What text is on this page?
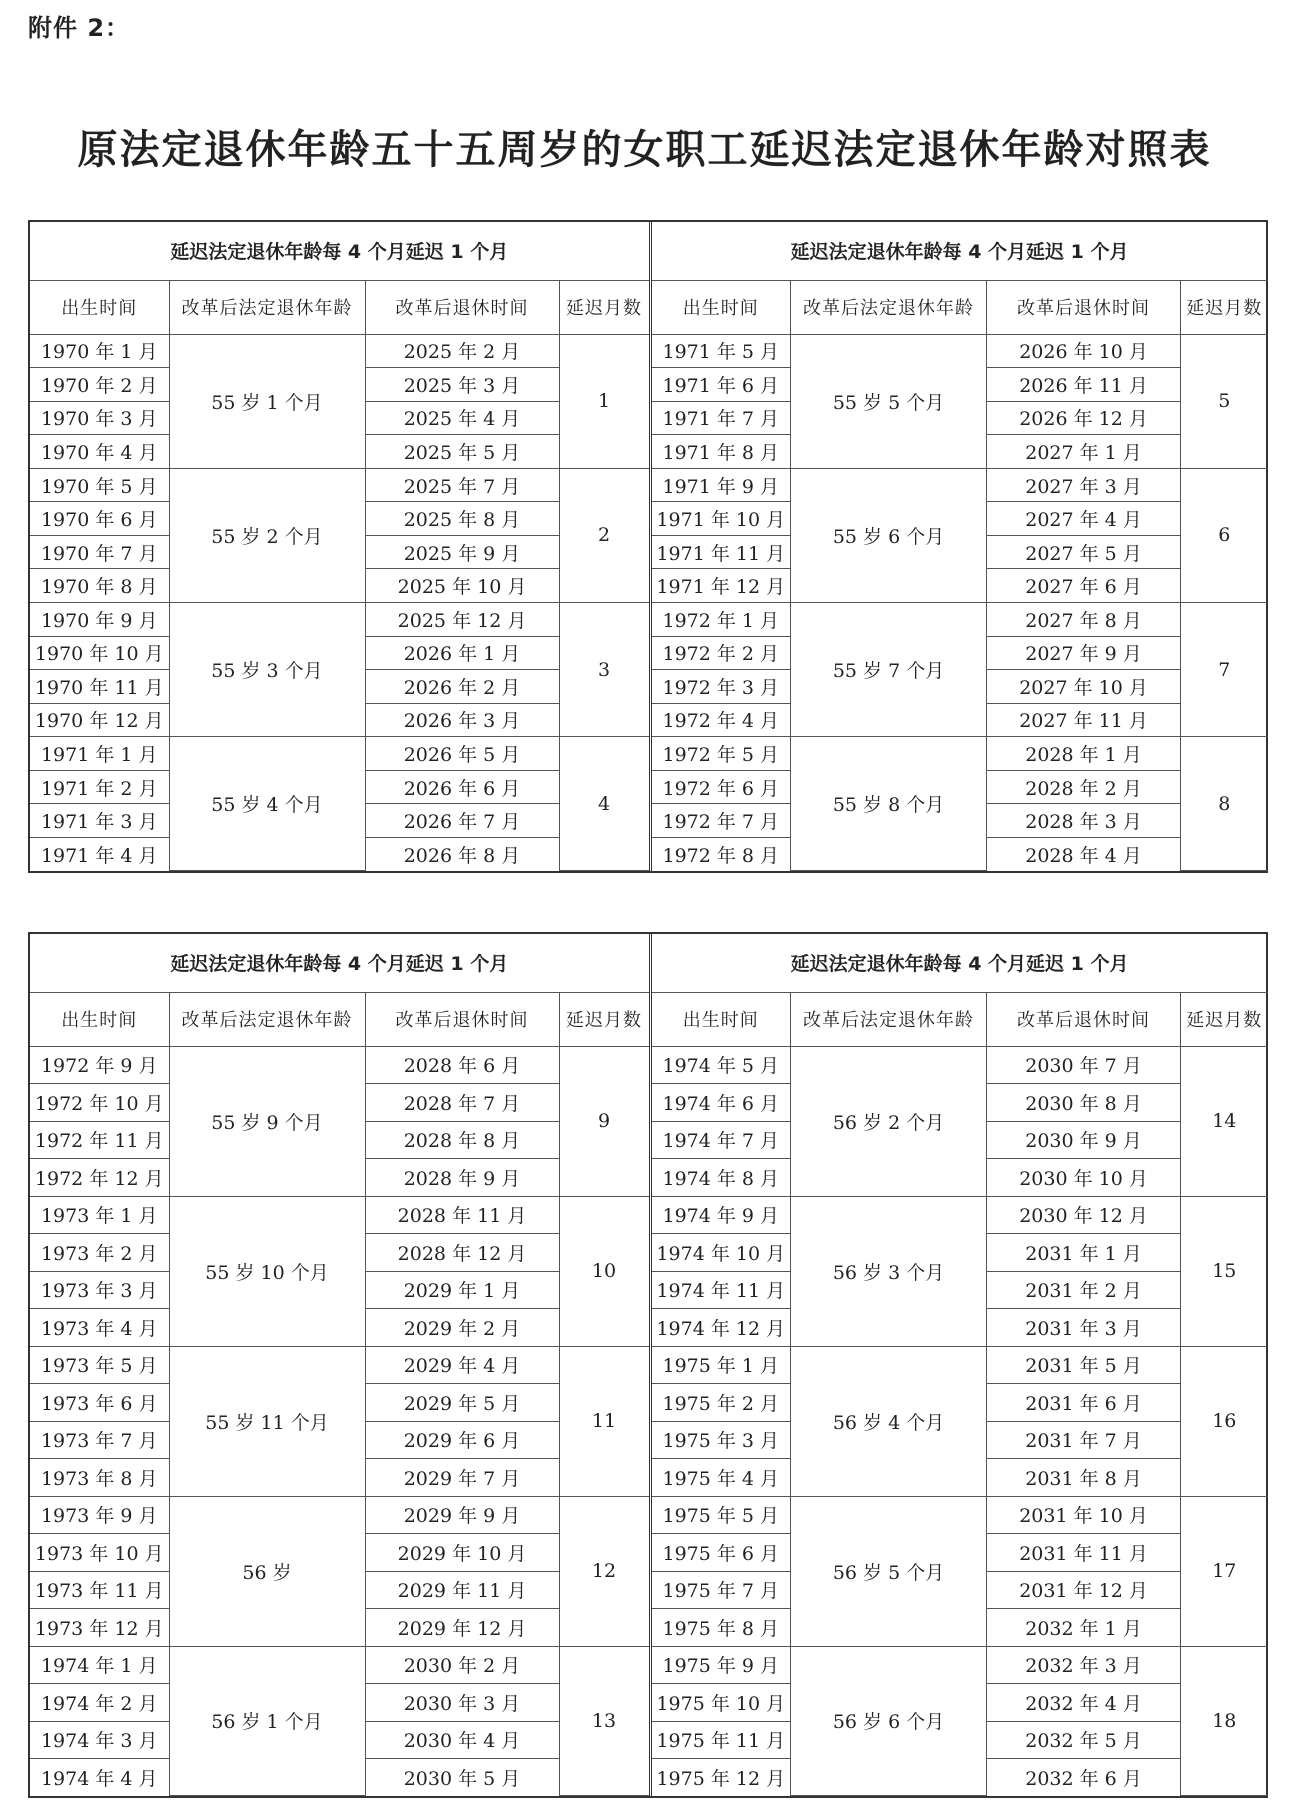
附件 2：
原法定退休年龄五十五周岁的女职工延迟法定退休年龄对照表
延迟法定退休年龄每 4 个月延迟 1 个月			
出生时间	改革后法定退休年龄	改革后退休时间	延迟月数
1970 年 1 月	55 岁 1 个月	2025 年 2 月	1
1970 年 2 月		2025 年 3 月	
1970 年 3 月		2025 年 4 月	
1970 年 4 月		2025 年 5 月	
1970 年 5 月	55 岁 2 个月	2025 年 7 月	2
1970 年 6 月		2025 年 8 月	
1970 年 7 月		2025 年 9 月	
1970 年 8 月		2025 年 10 月	
1970 年 9 月	55 岁 3 个月	2025 年 12 月	3
1970 年 10 月		2026 年 1 月	
1970 年 11 月		2026 年 2 月	
1970 年 12 月		2026 年 3 月	
1971 年 1 月	55 岁 4 个月	2026 年 5 月	4
1971 年 2 月		2026 年 6 月	
1971 年 3 月		2026 年 7 月	
1971 年 4 月		2026 年 8 月	
延迟法定退休年龄每 4 个月延迟 1 个月			
出生时间	改革后法定退休年龄	改革后退休时间	延迟月数
1971 年 5 月	55 岁 5 个月	2026 年 10 月	5
1971 年 6 月		2026 年 11 月	
1971 年 7 月		2026 年 12 月	
1971 年 8 月		2027 年 1 月	
1971 年 9 月	55 岁 6 个月	2027 年 3 月	6
1971 年 10 月		2027 年 4 月	
1971 年 11 月		2027 年 5 月	
1971 年 12 月		2027 年 6 月	
1972 年 1 月	55 岁 7 个月	2027 年 8 月	7
1972 年 2 月		2027 年 9 月	
1972 年 3 月		2027 年 10 月	
1972 年 4 月		2027 年 11 月	
1972 年 5 月	55 岁 8 个月	2028 年 1 月	8
1972 年 6 月		2028 年 2 月	
1972 年 7 月		2028 年 3 月	
1972 年 8 月		2028 年 4 月	
延迟法定退休年龄每 4 个月延迟 1 个月			
出生时间	改革后法定退休年龄	改革后退休时间	延迟月数
1972 年 9 月	55 岁 9 个月	2028 年 6 月	9
1972 年 10 月		2028 年 7 月	
1972 年 11 月		2028 年 8 月	
1972 年 12 月		2028 年 9 月	
1973 年 1 月	55 岁 10 个月	2028 年 11 月	10
1973 年 2 月		2028 年 12 月	
1973 年 3 月		2029 年 1 月	
1973 年 4 月		2029 年 2 月	
1973 年 5 月	55 岁 11 个月	2029 年 4 月	11
1973 年 6 月		2029 年 5 月	
1973 年 7 月		2029 年 6 月	
1973 年 8 月		2029 年 7 月	
1973 年 9 月	56 岁	2029 年 9 月	12
1973 年 10 月		2029 年 10 月	
1973 年 11 月		2029 年 11 月	
1973 年 12 月		2029 年 12 月	
1974 年 1 月	56 岁 1 个月	2030 年 2 月	13
1974 年 2 月		2030 年 3 月	
1974 年 3 月		2030 年 4 月	
1974 年 4 月		2030 年 5 月	
延迟法定退休年龄每 4 个月延迟 1 个月			
出生时间	改革后法定退休年龄	改革后退休时间	延迟月数
1974 年 5 月	56 岁 2 个月	2030 年 7 月	14
1974 年 6 月		2030 年 8 月	
1974 年 7 月		2030 年 9 月	
1974 年 8 月		2030 年 10 月	
1974 年 9 月	56 岁 3 个月	2030 年 12 月	15
1974 年 10 月		2031 年 1 月	
1974 年 11 月		2031 年 2 月	
1974 年 12 月		2031 年 3 月	
1975 年 1 月	56 岁 4 个月	2031 年 5 月	16
1975 年 2 月		2031 年 6 月	
1975 年 3 月		2031 年 7 月	
1975 年 4 月		2031 年 8 月	
1975 年 5 月	56 岁 5 个月	2031 年 10 月	17
1975 年 6 月		2031 年 11 月	
1975 年 7 月		2031 年 12 月	
1975 年 8 月		2032 年 1 月	
1975 年 9 月	56 岁 6 个月	2032 年 3 月	18
1975 年 10 月		2032 年 4 月	
1975 年 11 月		2032 年 5 月	
1975 年 12 月		2032 年 6 月	
